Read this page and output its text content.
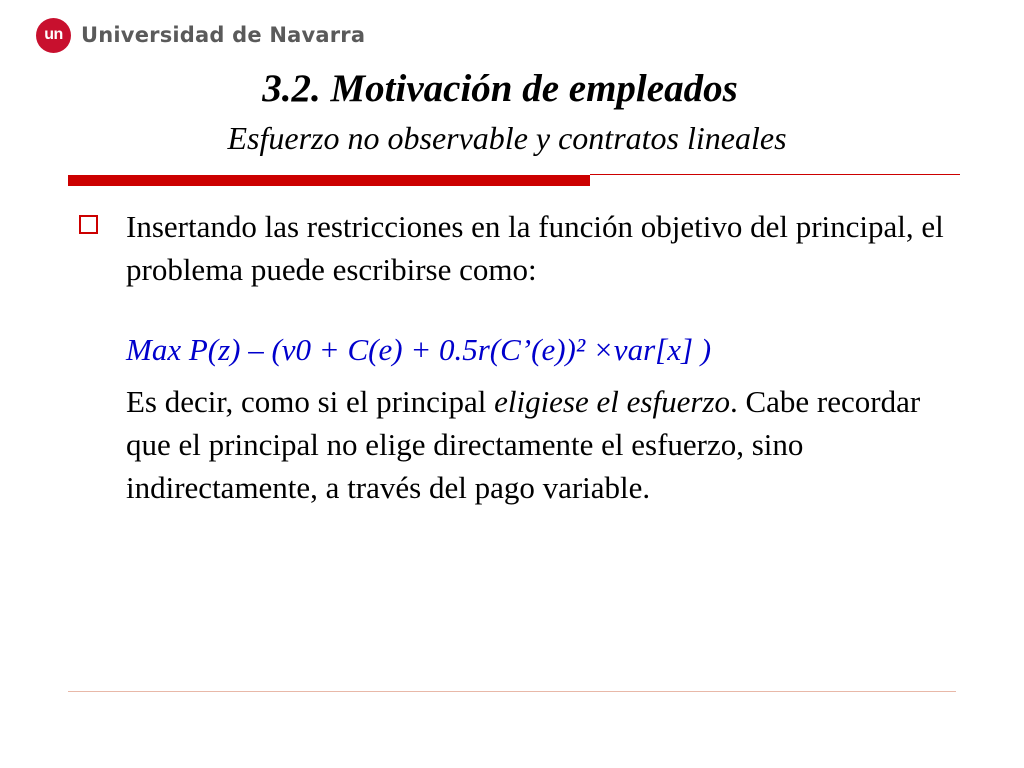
un Universidad de Navarra
3.2. Motivación de empleados
Esfuerzo no observable y contratos lineales

Insertando las restricciones en la función objetivo del principal, el problema puede escribirse como:

Max P(z) – (v0 + C(e) + 0.5r(C’(e))² ×var[x] )

Es decir, como si el principal eligiese el esfuerzo. Cabe recordar que el principal no elige directamente el esfuerzo, sino indirectamente, a través del pago variable.
